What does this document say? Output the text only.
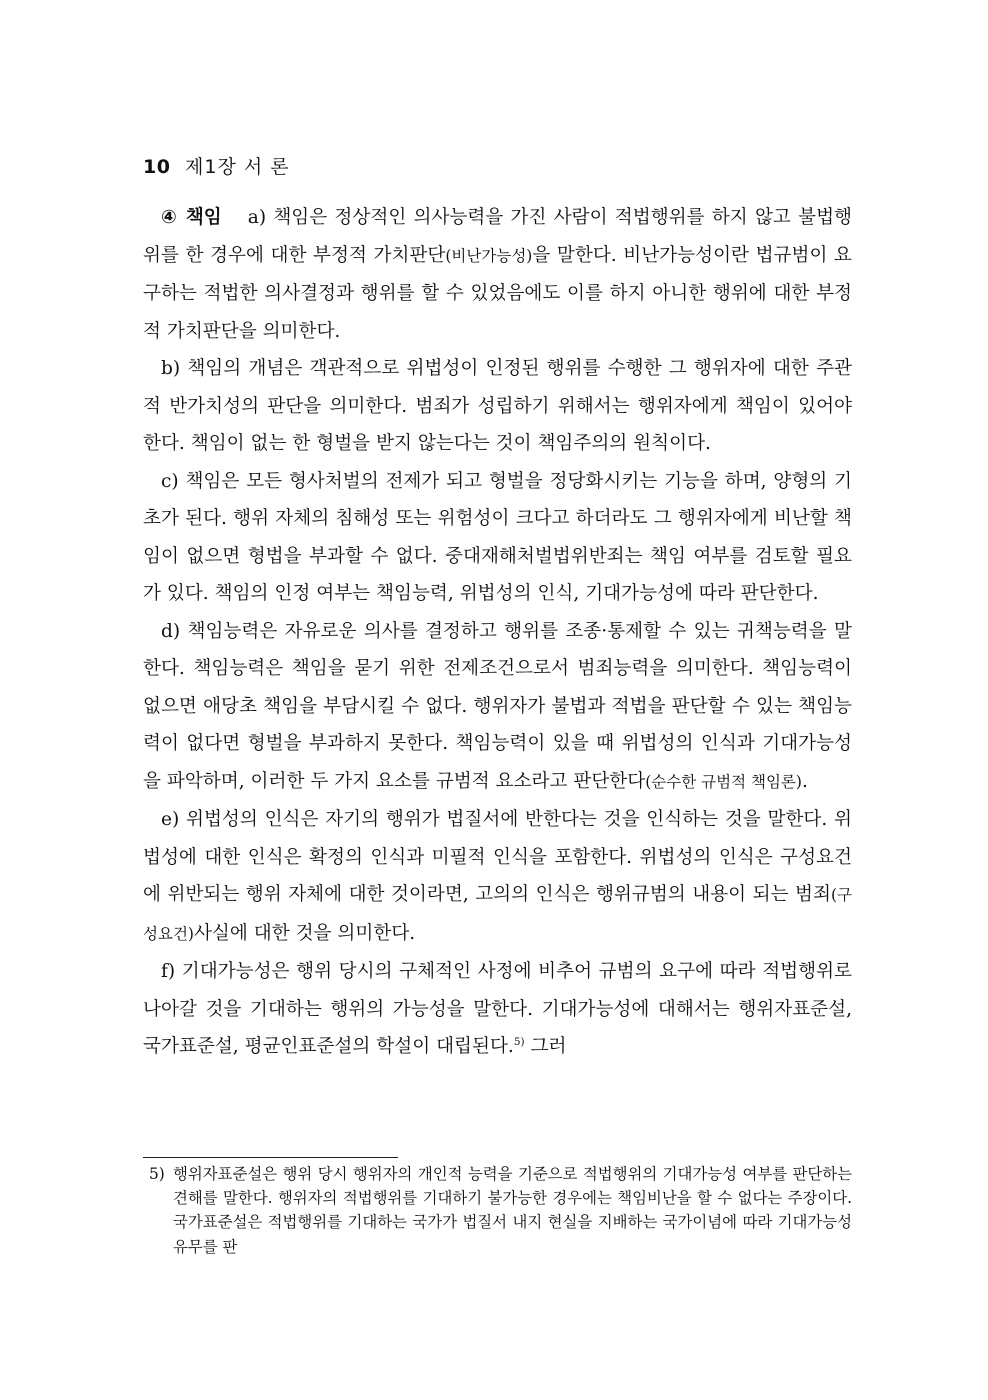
10 제1장 서 론

④ 책임 a) 책임은 정상적인 의사능력을 가진 사람이 적법행위를 하지 않고 불법행위를 한 경우에 대한 부정적 가치판단(비난가능성)을 말한다. 비난가능성이란 법규범이 요구하는 적법한 의사결정과 행위를 할 수 있었음에도 이를 하지 아니한 행위에 대한 부정적 가치판단을 의미한다.

b) 책임의 개념은 객관적으로 위법성이 인정된 행위를 수행한 그 행위자에 대한 주관적 반가치성의 판단을 의미한다. 범죄가 성립하기 위해서는 행위자에게 책임이 있어야 한다. 책임이 없는 한 형벌을 받지 않는다는 것이 책임주의의 원칙이다.

c) 책임은 모든 형사처벌의 전제가 되고 형벌을 정당화시키는 기능을 하며, 양형의 기초가 된다. 행위 자체의 침해성 또는 위험성이 크다고 하더라도 그 행위자에게 비난할 책임이 없으면 형법을 부과할 수 없다. 중대재해처벌법위반죄는 책임 여부를 검토할 필요가 있다. 책임의 인정 여부는 책임능력, 위법성의 인식, 기대가능성에 따라 판단한다.

d) 책임능력은 자유로운 의사를 결정하고 행위를 조종·통제할 수 있는 귀책능력을 말한다. 책임능력은 책임을 묻기 위한 전제조건으로서 범죄능력을 의미한다. 책임능력이 없으면 애당초 책임을 부담시킬 수 없다. 행위자가 불법과 적법을 판단할 수 있는 책임능력이 없다면 형벌을 부과하지 못한다. 책임능력이 있을 때 위법성의 인식과 기대가능성을 파악하며, 이러한 두 가지 요소를 규범적 요소라고 판단한다(순수한 규범적 책임론).

e) 위법성의 인식은 자기의 행위가 법질서에 반한다는 것을 인식하는 것을 말한다. 위법성에 대한 인식은 확정의 인식과 미필적 인식을 포함한다. 위법성의 인식은 구성요건에 위반되는 행위 자체에 대한 것이라면, 고의의 인식은 행위규범의 내용이 되는 범죄(구성요건)사실에 대한 것을 의미한다.

f) 기대가능성은 행위 당시의 구체적인 사정에 비추어 규범의 요구에 따라 적법행위로 나아갈 것을 기대하는 행위의 가능성을 말한다. 기대가능성에 대해서는 행위자표준설, 국가표준설, 평균인표준설의 학설이 대립된다.$^{5)}$ 그러

5) 행위자표준설은 행위 당시 행위자의 개인적 능력을 기준으로 적법행위의 기대가능성 여부를 판단하는 견해를 말한다. 행위자의 적법행위를 기대하기 불가능한 경우에는 책임비난을 할 수 없다는 주장이다. 국가표준설은 적법행위를 기대하는 국가가 법질서 내지 현실을 지배하는 국가이념에 따라 기대가능성 유무를 판
